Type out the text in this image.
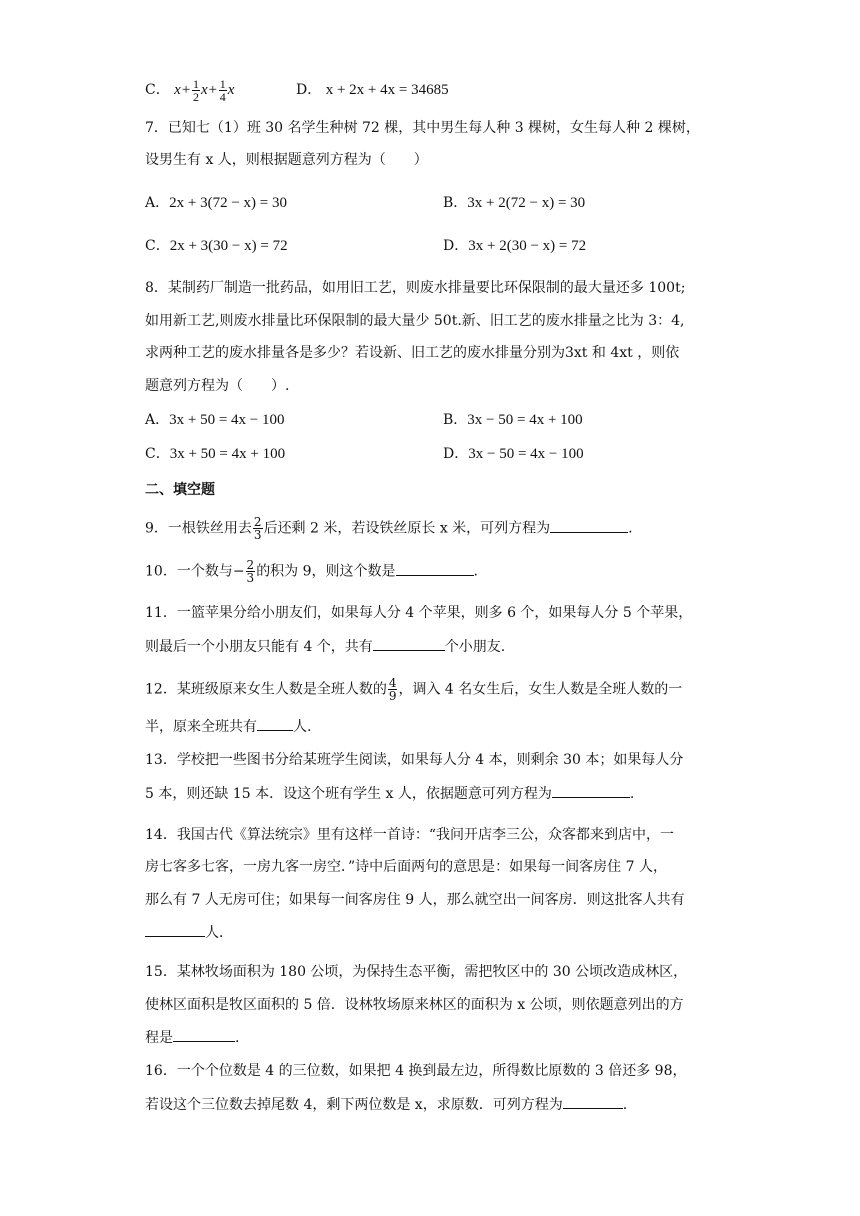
C． $x+ \frac{1}{2} x+ \frac{1}{4}$ x	D． x + 2x + 4x = 34685
7．已知七（1）班 30 名学生种树 72 棵，其中男生每人种 3 棵树，女生每人种 2 棵树，
设男生有 x 人，则根据题意列方程为（　　）
A．2x + 3(72 − x) = 30	B．3x + 2(72 − x) = 30
C．2x + 3(30 − x) = 72	D．3x + 2(30 − x) = 72
8．某制药厂制造一批药品，如用旧工艺，则废水排量要比环保限制的最大量还多 100t;
如用新工艺,则废水排量比环保限制的最大量少 50t.新、旧工艺的废水排量之比为 3：4,
求两种工艺的废水排量各是多少？若设新、旧工艺的废水排量分别为3xt 和 4xt ，则依
题意列方程为（　　）.
A．3x + 50 = 4x − 100	B．3x − 50 = 4x + 100
C．3x + 50 = 4x + 100	D．3x − 50 = 4x − 100
二、填空题
9．一根铁丝用去 $\frac{2}{3}$ 后还剩 2 米，若设铁丝原长 x 米，可列方程为	.
10．一个数与− $\frac{2}{3}$ 的积为 9，则这个数是	.
11．一篮苹果分给小朋友们，如果每人分 4 个苹果，则多 6 个，如果每人分 5 个苹果，
则最后一个小朋友只能有 4 个，共有	个小朋友.
12．某班级原来女生人数是全班人数的 $\frac{4}{9}$ ，调入 4 名女生后，女生人数是全班人数的一
半，原来全班共有	人.
13．学校把一些图书分给某班学生阅读，如果每人分 4 本，则剩余 30 本；如果每人分
5 本，则还缺 15 本．设这个班有学生 x 人，依据题意可列方程为	.
14．我国古代《算法统宗》里有这样一首诗：“我问开店李三公，众客都来到店中，一
房七客多七客，一房九客一房空．”诗中后面两句的意思是：如果每一间客房住 7 人，
那么有 7 人无房可住；如果每一间客房住 9 人，那么就空出一间客房．则这批客人共有
人．
15．某林牧场面积为 180 公顷，为保持生态平衡，需把牧区中的 30 公顷改造成林区，
使林区面积是牧区面积的 5 倍．设林牧场原来林区的面积为 x 公顷，则依题意列出的方
程是	.
16．一个个位数是 4 的三位数，如果把 4 换到最左边，所得数比原数的 3 倍还多 98，
若设这个三位数去掉尾数 4，剩下两位数是 x，求原数．可列方程为	.
